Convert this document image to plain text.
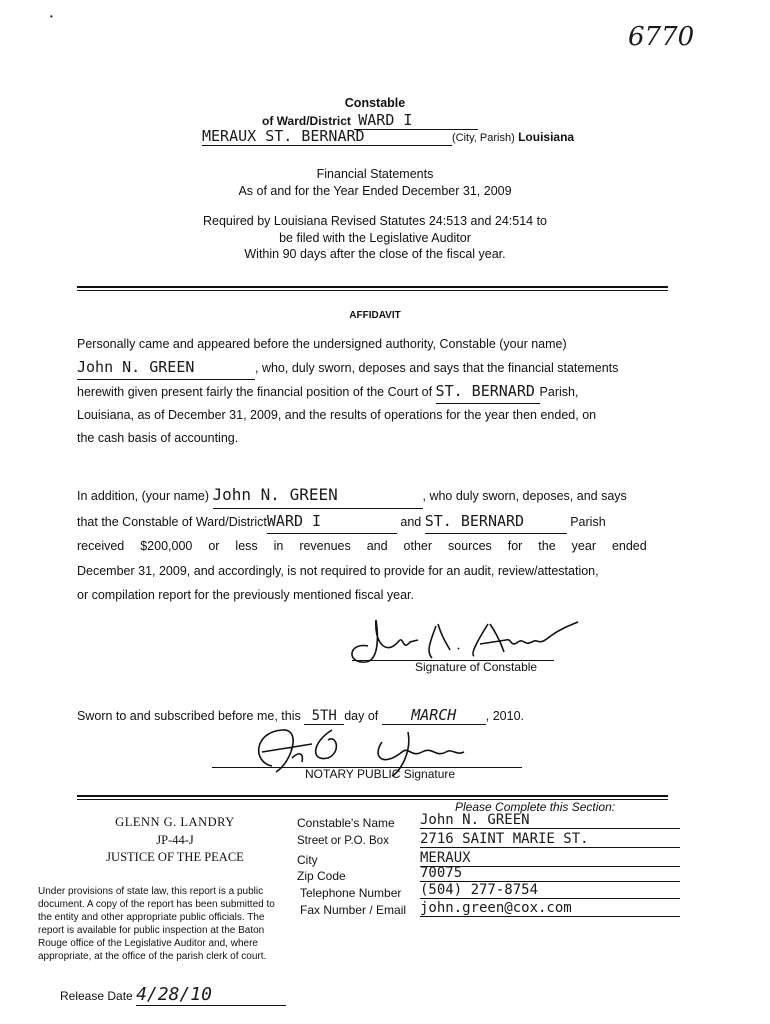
6770
•
Constable
of Ward/District WARD I
MERAUX ST. BERNARD	(City, Parish) Louisiana
Financial Statements
As of and for the Year Ended December 31, 2009
Required by Louisiana Revised Statutes 24:513 and 24:514 to
be filed with the Legislative Auditor
Within 90 days after the close of the fiscal year.
AFFIDAVIT

Personally came and appeared before the undersigned authority, Constable (your name)
John N. GREEN	, who, duly sworn, deposes and says that the financial statements
herewith given present fairly the financial position of the Court of ST. BERNARD Parish,
Louisiana, as of December 31, 2009, and the results of operations for the year then ended, on
the cash basis of accounting.

In addition, (your name) John N. GREEN	, who duly sworn, deposes, and says
that the Constable of Ward/DistrictWARD I	and ST. BERNARD	Parish
received $200,000 or less in revenues and other sources for the year ended
December 31, 2009, and accordingly, is not required to provide for an audit, review/attestation,
or compilation report for the previously mentioned fiscal year.

Signature of Constable
Sworn to and subscribed before me, this 5TH day of MARCH , 2010.
NOTARY PUBLIC Signature
GLENN G. LANDRY
JP-44-J
JUSTICE OF THE PEACE
Please Complete this Section:
Constable's Name John N. GREEN
Street or P.O. Box 2716 SAINT MARIE ST.
City	MERAUX
Zip Code	70075
Telephone Number (504) 277-8754
Fax Number / Email john.green@cox.com
Under provisions of state law, this report is a public
document. A copy of the report has been submitted to
the entity and other appropriate public officials. The
report is available for public inspection at the Baton
Rouge office of the Legislative Auditor and, where
appropriate, at the office of the parish clerk of court.
Release Date 4/28/10
